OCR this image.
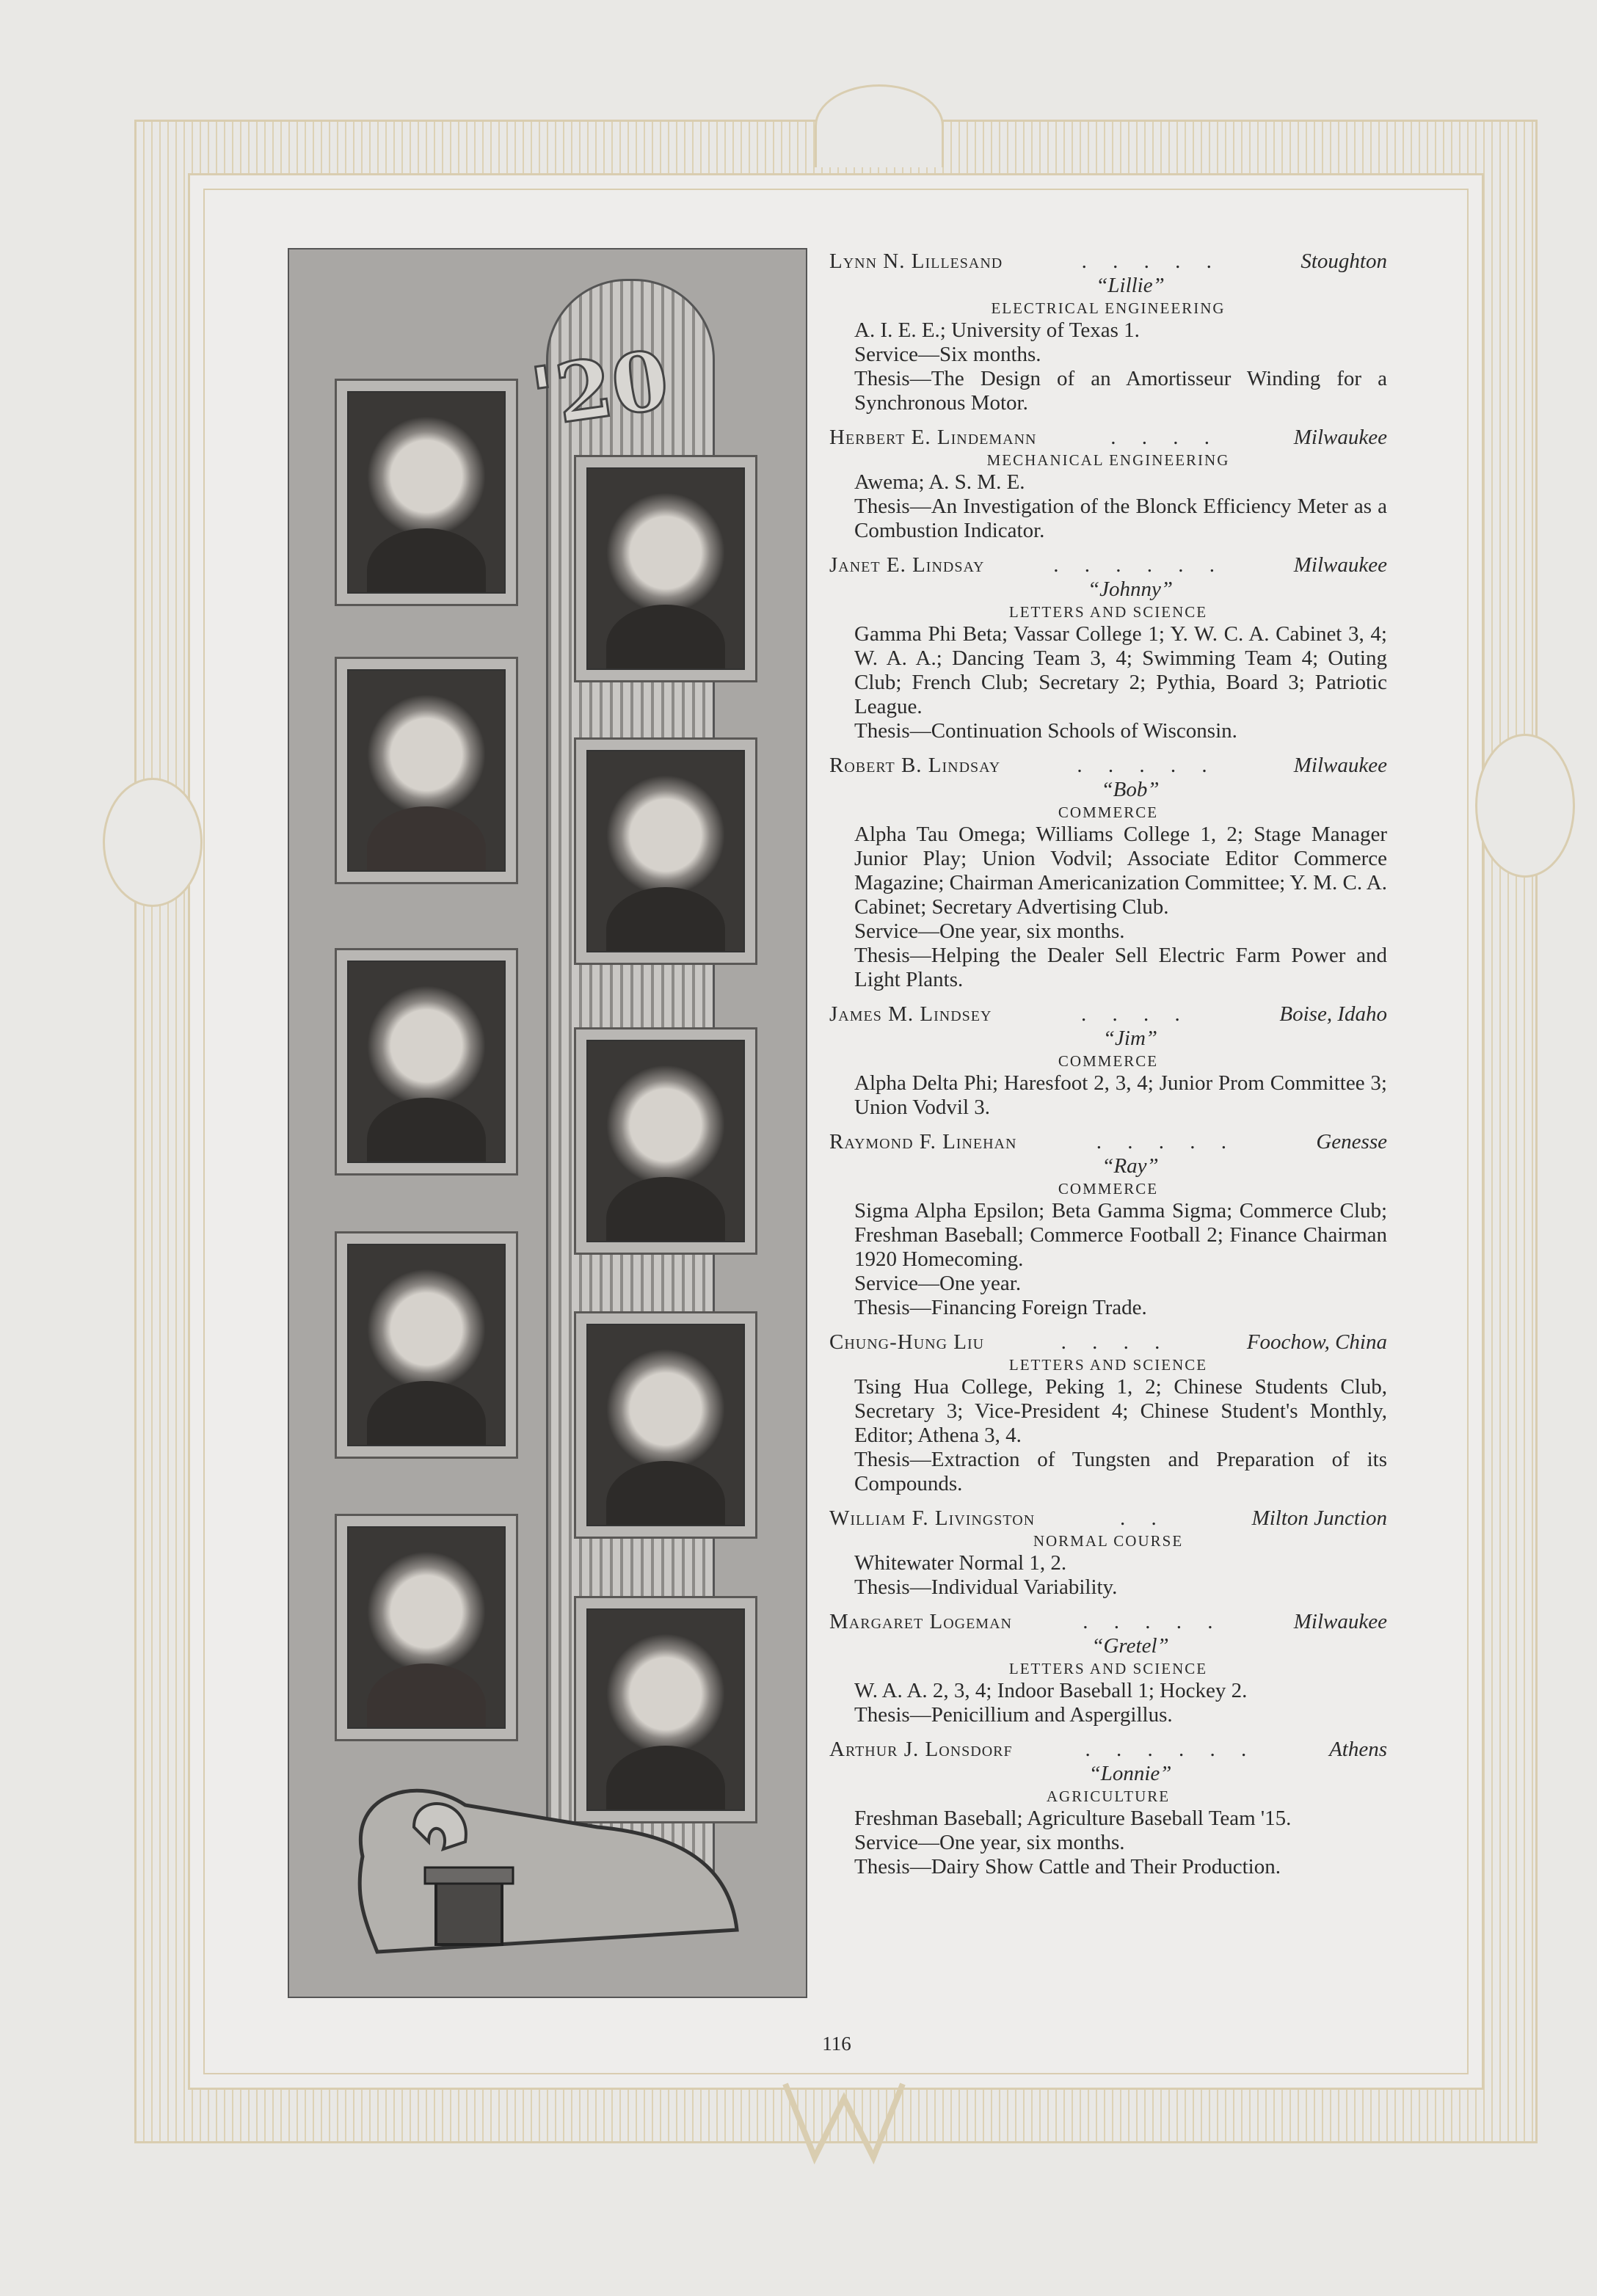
'20
Lynn N. Lillesand	. . . . .	Stoughton
“Lillie”
ELECTRICAL ENGINEERING

A. I. E. E.; University of Texas 1.

Service—Six months.

Thesis—The Design of an Amortisseur Winding for a Synchronous Motor.

Herbert E. Lindemann	. . . .	Milwaukee
MECHANICAL ENGINEERING

Awema; A. S. M. E.

Thesis—An Investigation of the Blonck Efficiency Meter as a Combustion Indicator.

Janet E. Lindsay	. . . . . .	Milwaukee
“Johnny”
LETTERS AND SCIENCE

Gamma Phi Beta; Vassar College 1; Y. W. C. A. Cabinet 3, 4; W. A. A.; Dancing Team 3, 4; Swimming Team 4; Outing Club; French Club; Secretary 2; Pythia, Board 3; Patriotic League.

Thesis—Continuation Schools of Wisconsin.

Robert B. Lindsay	. . . . .	Milwaukee
“Bob”
COMMERCE

Alpha Tau Omega; Williams College 1, 2; Stage Manager Junior Play; Union Vodvil; Associate Editor Commerce Magazine; Chairman Americanization Committee; Y. M. C. A. Cabinet; Secretary Advertising Club.

Service—One year, six months.

Thesis—Helping the Dealer Sell Electric Farm Power and Light Plants.

James M. Lindsey	. . . .	Boise, Idaho
“Jim”
COMMERCE

Alpha Delta Phi; Haresfoot 2, 3, 4; Junior Prom Committee 3; Union Vodvil 3.

Raymond F. Linehan	. . . . .	Genesse
“Ray”
COMMERCE

Sigma Alpha Epsilon; Beta Gamma Sigma; Commerce Club; Freshman Baseball; Commerce Football 2; Finance Chairman 1920 Homecoming.

Service—One year.

Thesis—Financing Foreign Trade.

Chung-Hung Liu	. . . .	Foochow, China
LETTERS AND SCIENCE

Tsing Hua College, Peking 1, 2; Chinese Students Club, Secretary 3; Vice-President 4; Chinese Student's Monthly, Editor; Athena 3, 4.

Thesis—Extraction of Tungsten and Preparation of its Compounds.

William F. Livingston	. .	Milton Junction
NORMAL COURSE

Whitewater Normal 1, 2.

Thesis—Individual Variability.

Margaret Logeman	. . . . .	Milwaukee
“Gretel”
LETTERS AND SCIENCE

W. A. A. 2, 3, 4; Indoor Baseball 1; Hockey 2.

Thesis—Penicillium and Aspergillus.

Arthur J. Lonsdorf	. . . . . .	Athens
“Lonnie”
AGRICULTURE

Freshman Baseball; Agriculture Baseball Team '15.

Service—One year, six months.

Thesis—Dairy Show Cattle and Their Production.

116
